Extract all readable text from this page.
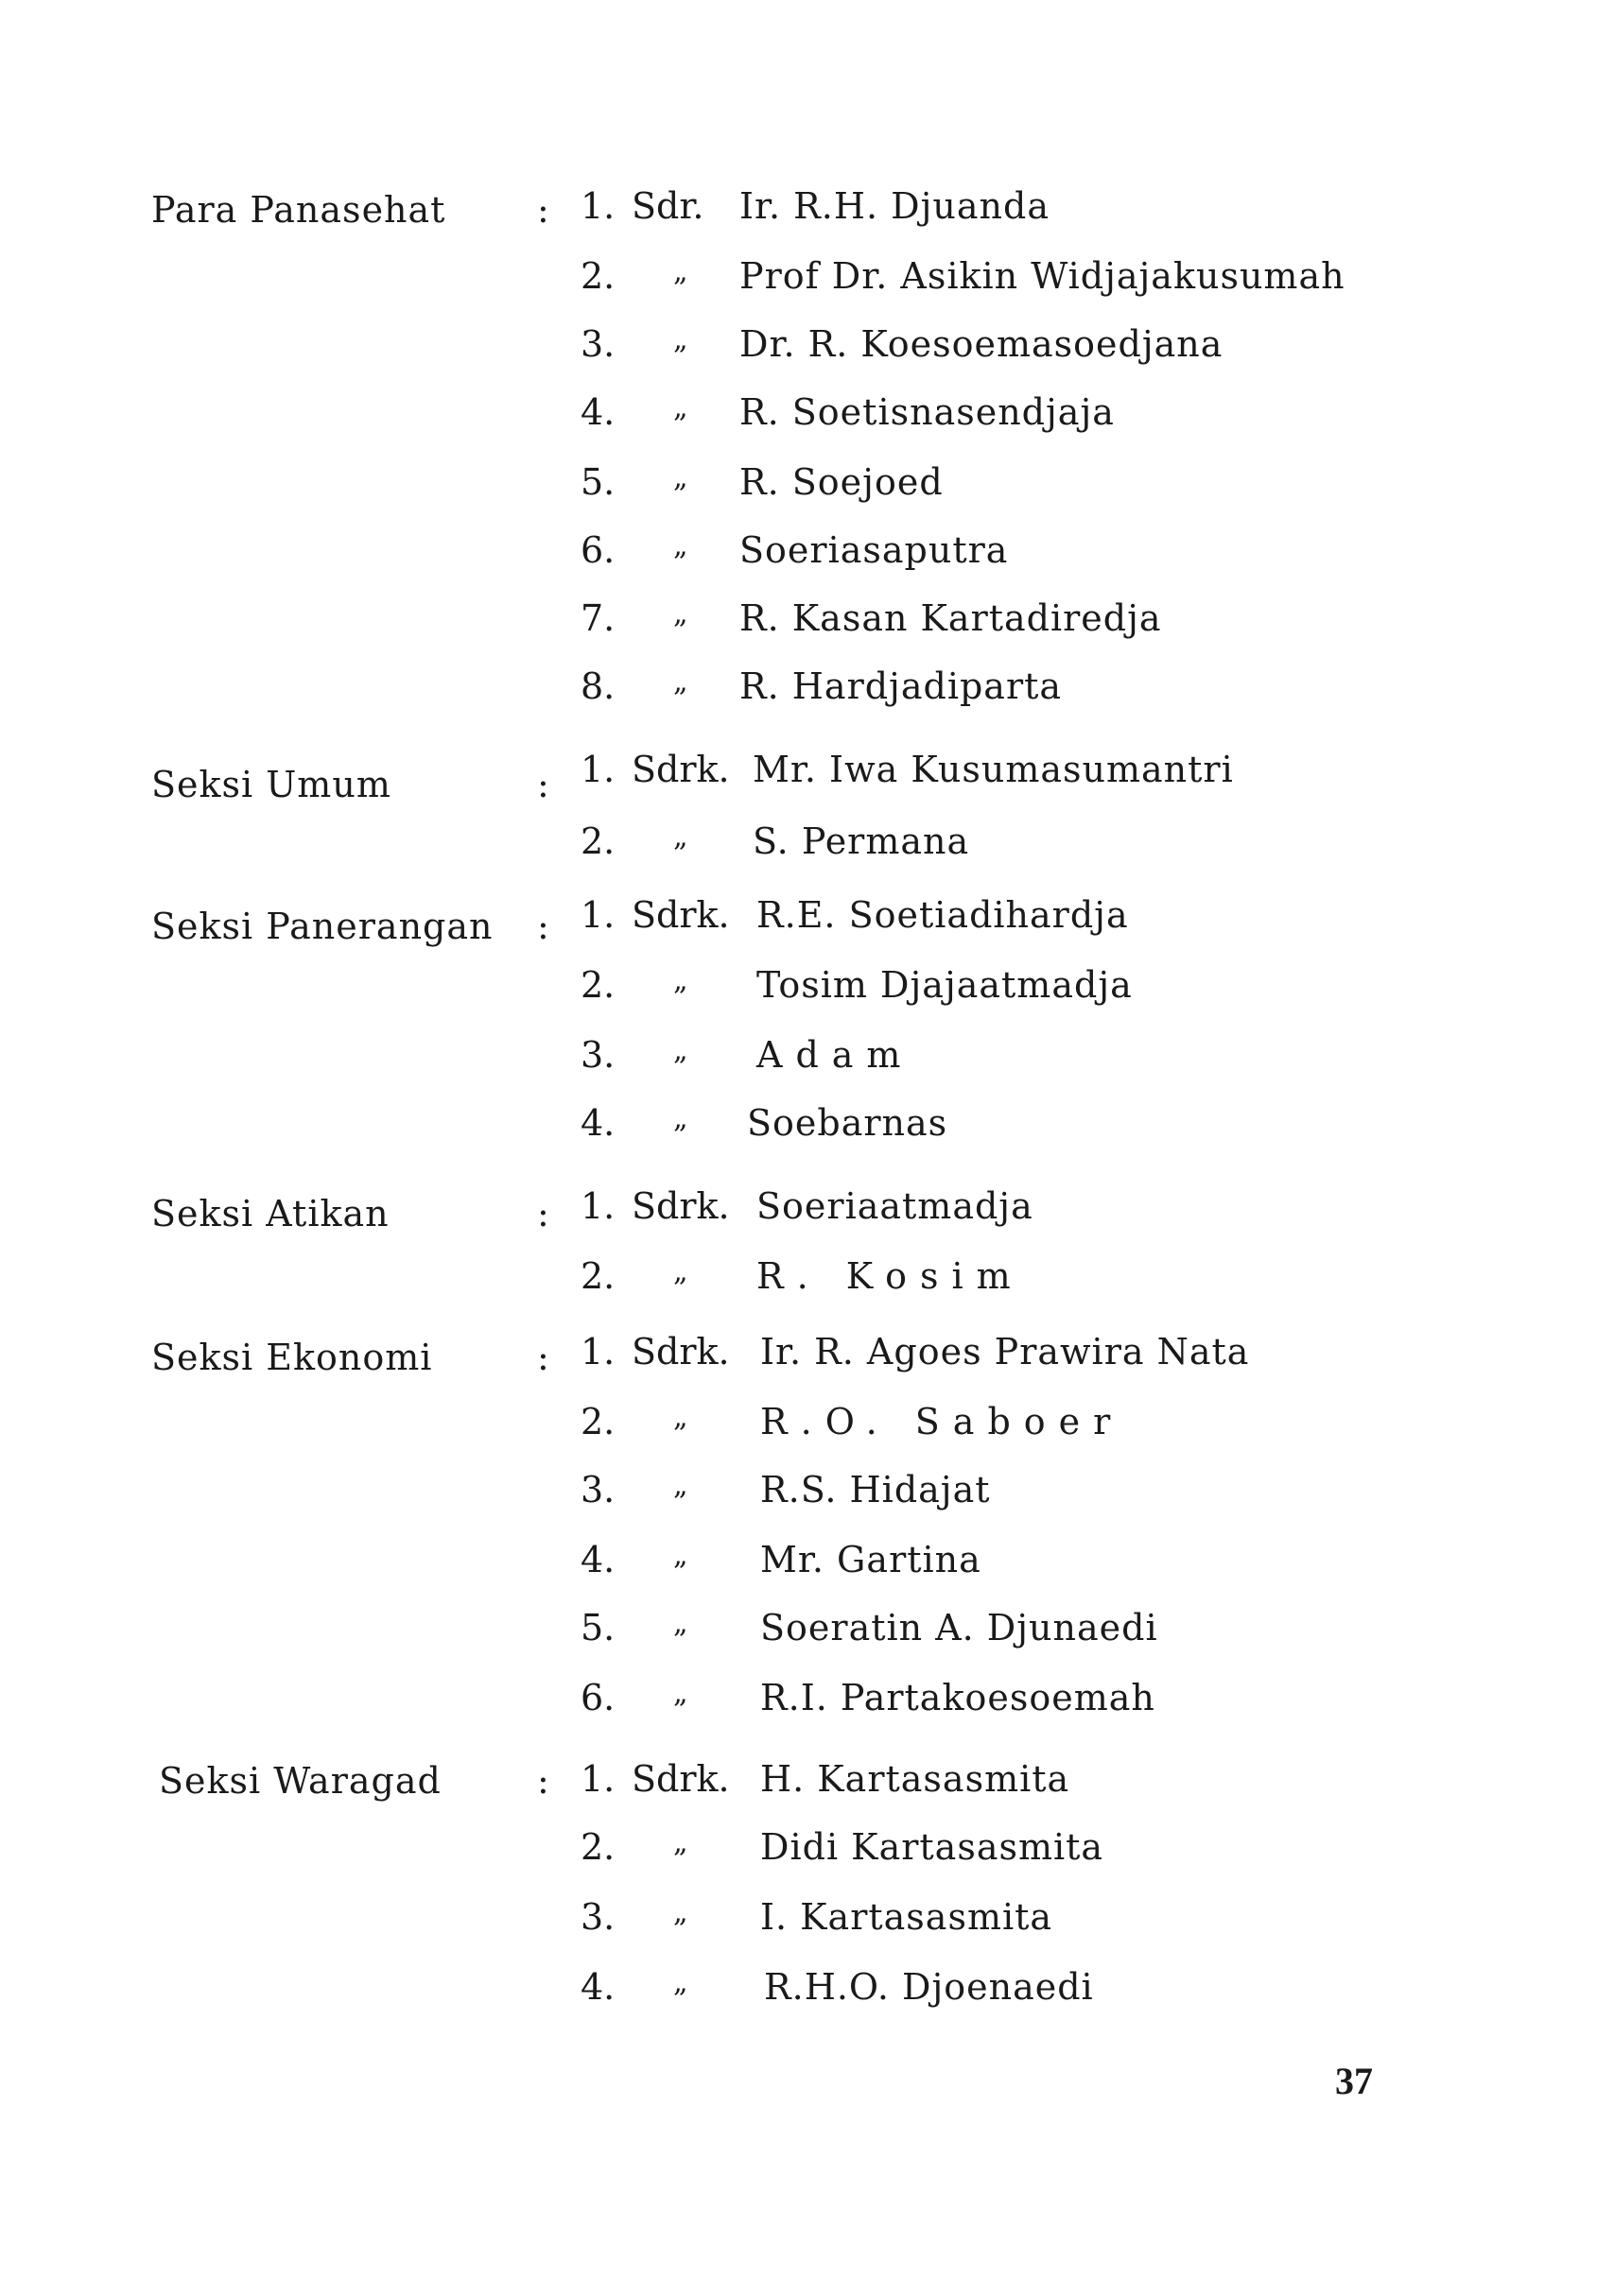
Para Panasehat	: 1. Sdr. Ir. R.H. Djuanda
2. „ Prof Dr. Asikin Widjajakusumah
3. „ Dr. R. Koesoemasoedjana
4. „ R. Soetisnasendjaja
5. „ R. Soejoed
6. „ Soeriasaputra
7. „ R. Kasan Kartadiredja
8. „ R. Hardjadiparta
Seksi Umum	: 1. Sdrk. Mr. Iwa Kusumasumantri
2. „ S. Permana
Seksi Panerangan : 1. Sdrk. R.E. Soetiadihardja
2. „ Tosim Djajaatmadja
3. „ Adam
4. „ Soebarnas
Seksi Atikan	: 1. Sdrk. Soeriaatmadja
2. „ R. Kosim
Seksi Ekonomi	: 1. Sdrk. Ir. R. Agoes Prawira Nata
2. „ R.O. Saboer
3. „ R.S. Hidajat
4. „ Mr. Gartina
5. „ Soeratin A. Djunaedi
6. „ R.I. Partakoesoemah
Seksi Waragad	: 1. Sdrk. H. Kartasasmita
2. „ Didi Kartasasmita
3. „ I. Kartasasmita
4. „ R.H.O. Djoenaedi
37
